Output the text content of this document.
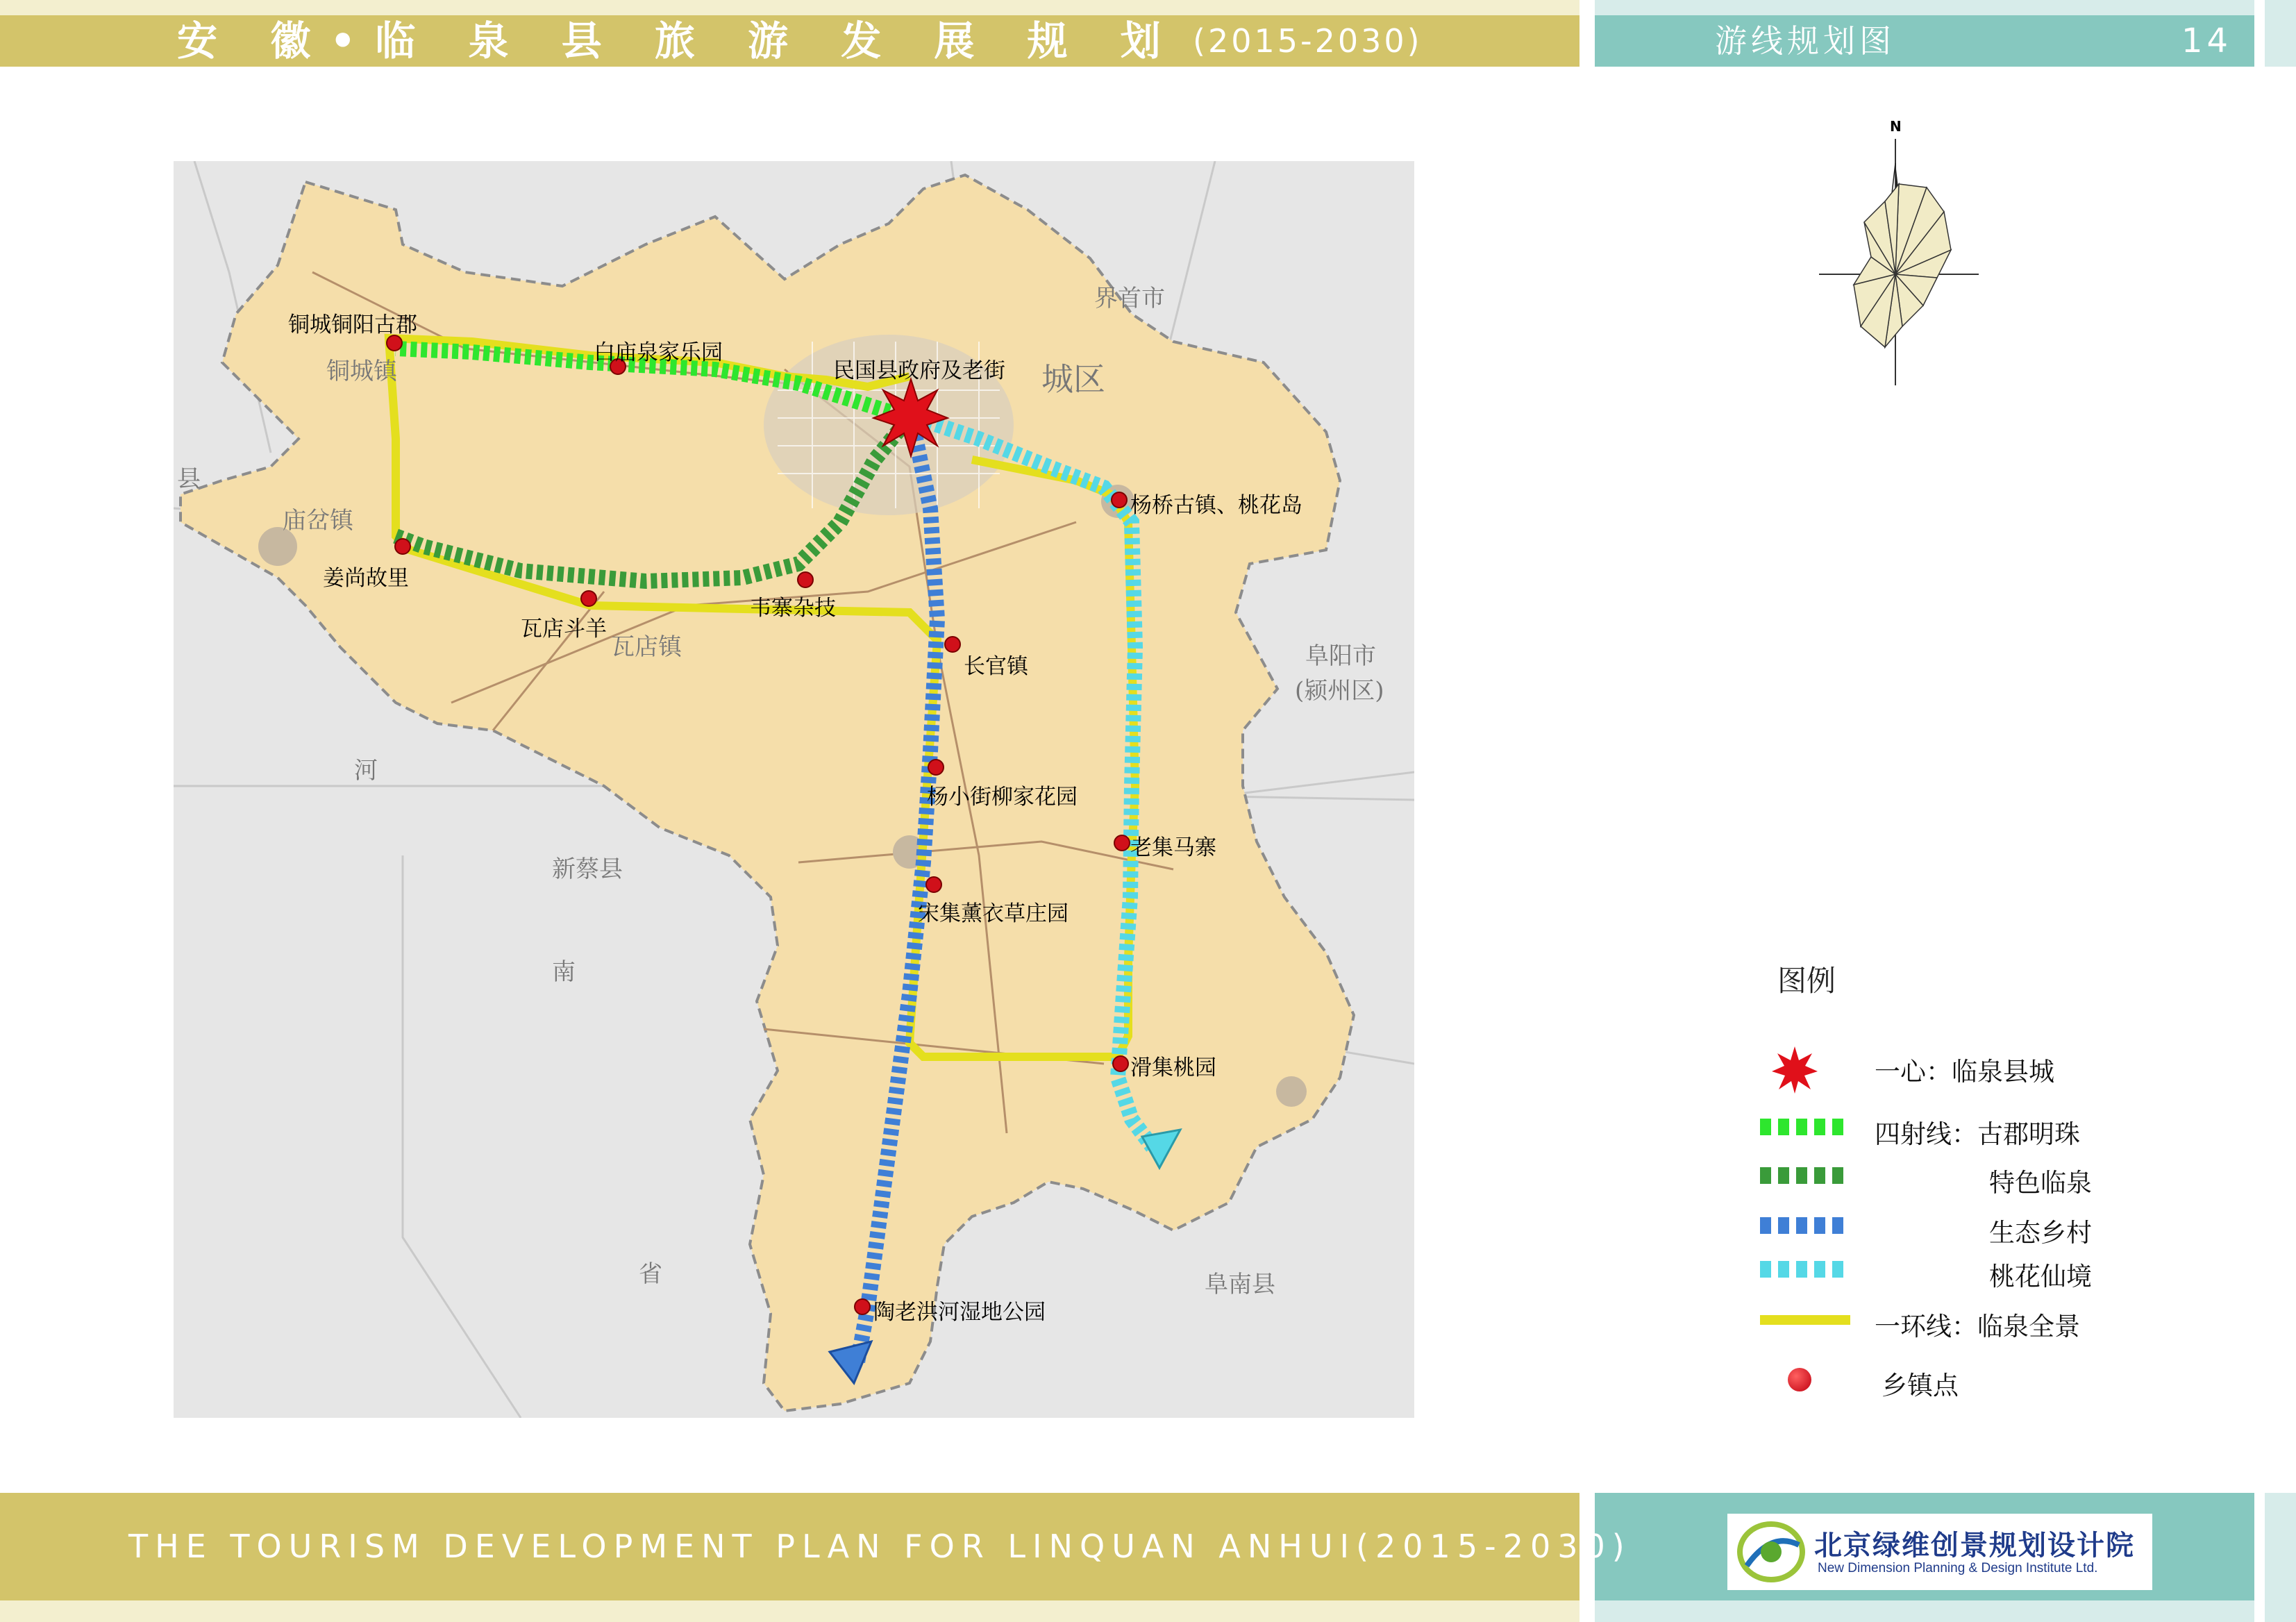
安 徽•临 泉 县 旅 游 发 展 规 划 (2015-2030)	游线规划图	14
铜城铜阳古郡
白庙泉家乐园
民国县政府及老街
杨桥古镇、桃花岛
姜尚故里
瓦店斗羊
韦寨杂技
长官镇
杨小街柳家花园
老集马寨
宋集薰衣草庄园
滑集桃园
陶老洪河湿地公园
界首市
城区
阜阳市
(颍州区)
新蔡县
阜南县
庙岔镇
瓦店镇
铜城镇
河
南
省
县
N
图例
一心：临泉县城
四射线：古郡明珠
特色临泉
生态乡村
桃花仙境
一环线：临泉全景
乡镇点
THE TOURISM DEVELOPMENT PLAN FOR LINQUAN ANHUI(2015-2030)	北京绿维创景规划设计院
New Dimension Planning & Design Institute Ltd.
